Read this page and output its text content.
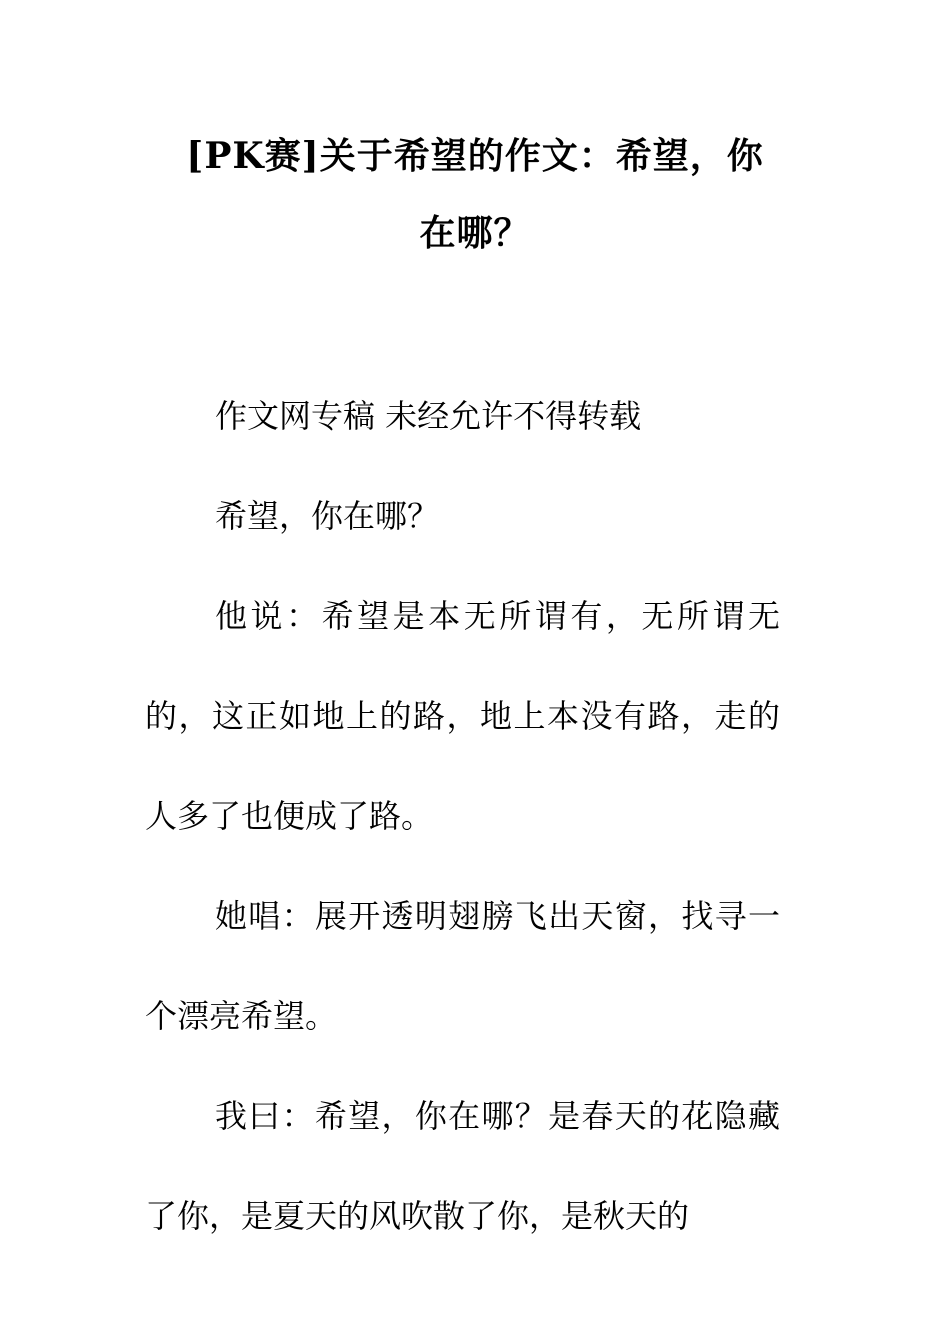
[PK赛]关于希望的作文：希望，你
在哪？

作文网专稿 未经允许不得转载

希望，你在哪？

他说：希望是本无所谓有，无所谓无的，这正如地上的路，地上本没有路，走的人多了也便成了路。

她唱：展开透明翅膀飞出天窗，找寻一个漂亮希望。

我曰：希望，你在哪？是春天的花隐藏了你，是夏天的风吹散了你，是秋天的
